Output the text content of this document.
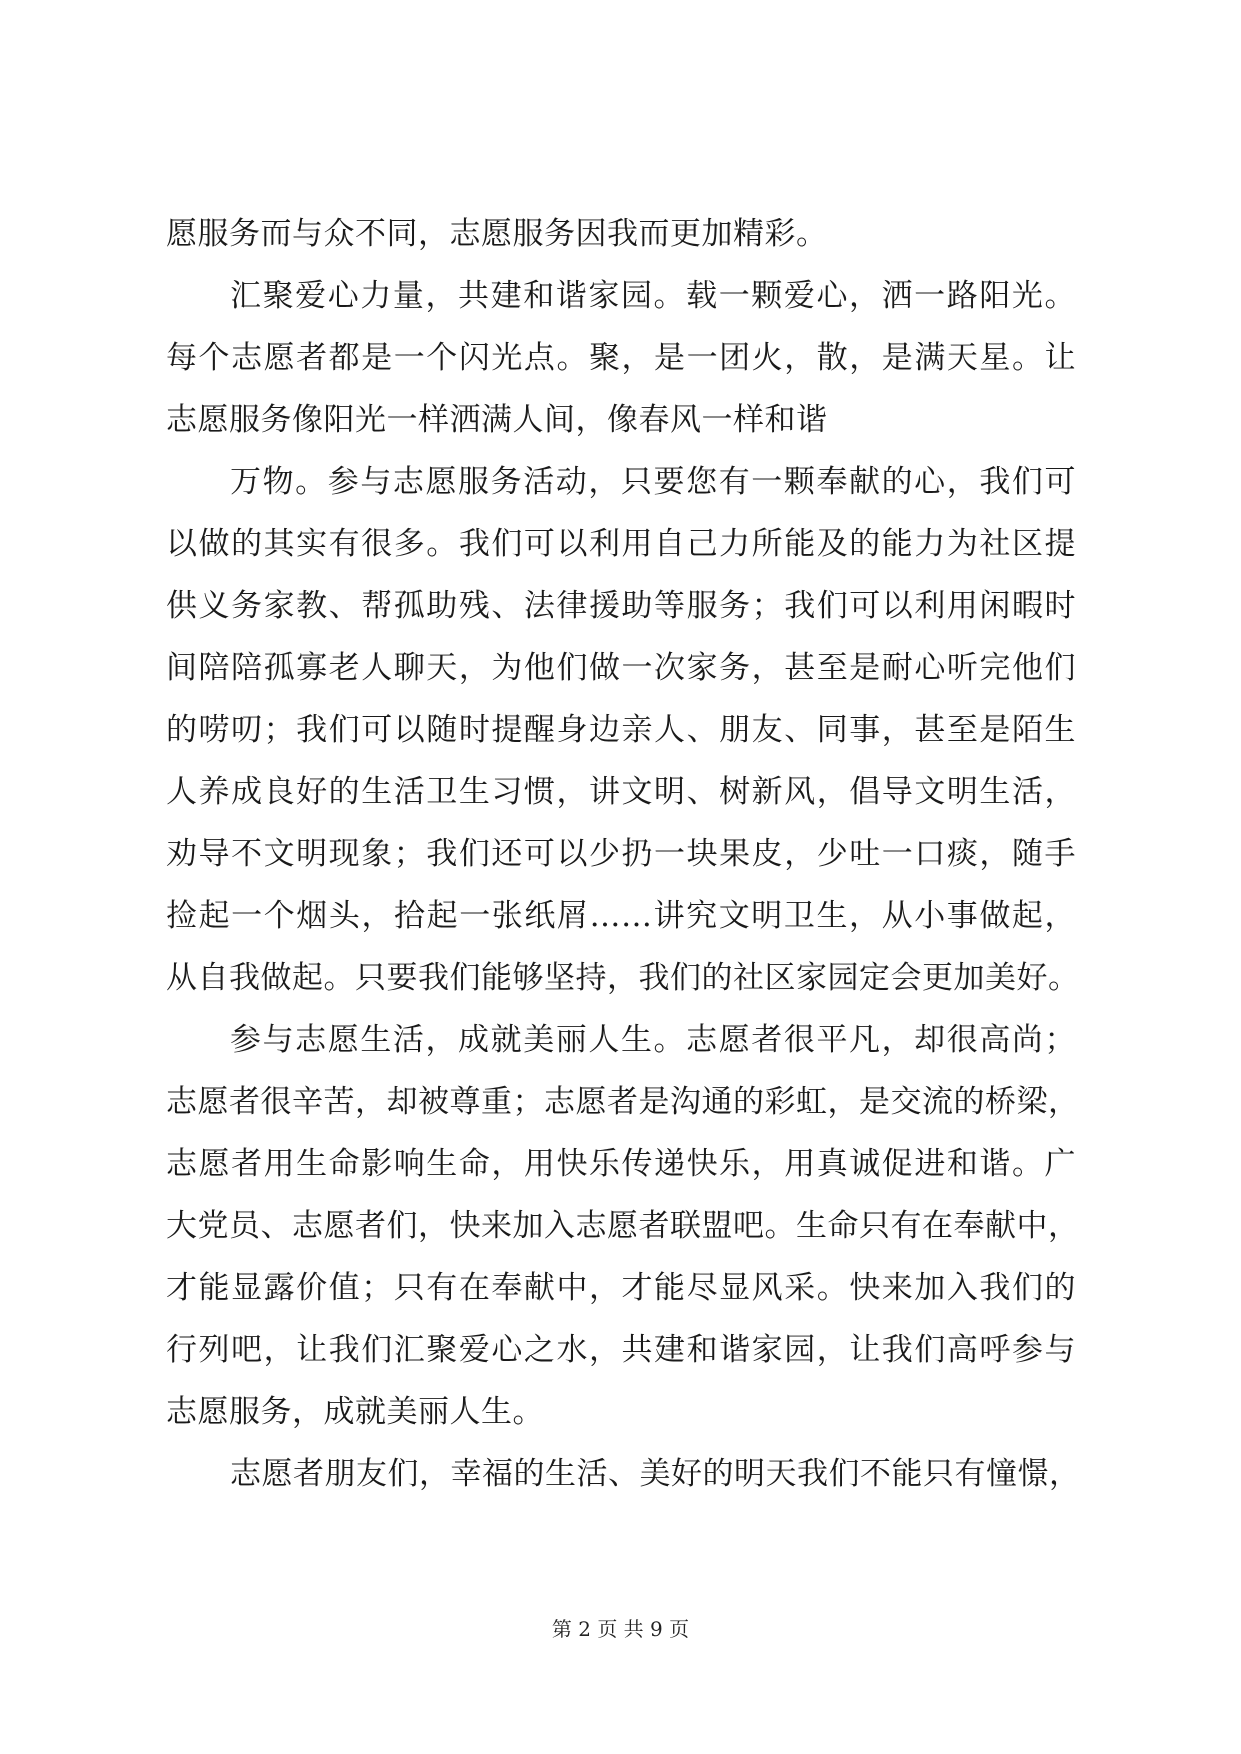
愿服务而与众不同，志愿服务因我而更加精彩。
汇聚爱心力量，共建和谐家园。载一颗爱心，洒一路阳光。
每个志愿者都是一个闪光点。聚，是一团火，散，是满天星。让
志愿服务像阳光一样洒满人间，像春风一样和谐
万物。参与志愿服务活动，只要您有一颗奉献的心，我们可
以做的其实有很多。我们可以利用自己力所能及的能力为社区提
供义务家教、帮孤助残、法律援助等服务；我们可以利用闲暇时
间陪陪孤寡老人聊天，为他们做一次家务，甚至是耐心听完他们
的唠叨；我们可以随时提醒身边亲人、朋友、同事，甚至是陌生
人养成良好的生活卫生习惯，讲文明、树新风，倡导文明生活，
劝导不文明现象；我们还可以少扔一块果皮，少吐一口痰，随手
捡起一个烟头，拾起一张纸屑……讲究文明卫生，从小事做起，
从自我做起。只要我们能够坚持，我们的社区家园定会更加美好。
参与志愿生活，成就美丽人生。志愿者很平凡，却很高尚；
志愿者很辛苦，却被尊重；志愿者是沟通的彩虹，是交流的桥梁，
志愿者用生命影响生命，用快乐传递快乐，用真诚促进和谐。广
大党员、志愿者们，快来加入志愿者联盟吧。生命只有在奉献中，
才能显露价值；只有在奉献中，才能尽显风采。快来加入我们的
行列吧，让我们汇聚爱心之水，共建和谐家园，让我们高呼参与
志愿服务，成就美丽人生。
志愿者朋友们，幸福的生活、美好的明天我们不能只有憧憬，
第 2 页 共 9 页
